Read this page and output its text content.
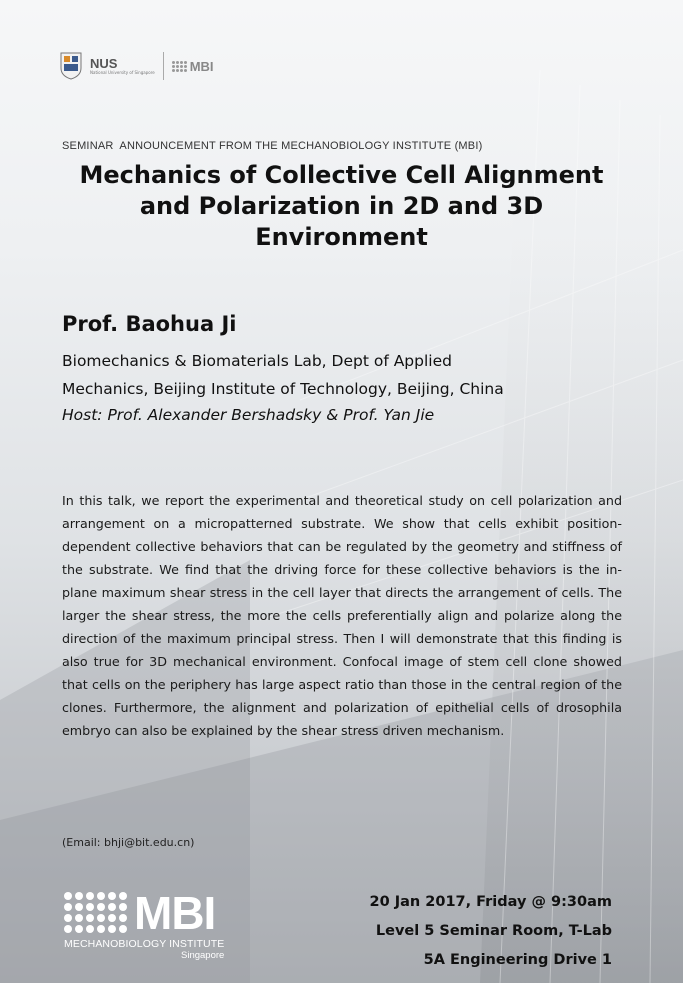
NUS
National University of Singapore	MBI
SEMINAR  ANNOUNCEMENT FROM THE MECHANOBIOLOGY INSTITUTE (MBI)
Mechanics of Collective Cell Alignment
and Polarization in 2D and 3D
Environment
Prof. Baohua Ji
Biomechanics & Biomaterials Lab, Dept of Applied
Mechanics, Beijing Institute of Technology, Beijing, China
Host: Prof. Alexander Bershadsky & Prof. Yan Jie
In this talk, we report the experimental and theoretical study on cell polarization and arrangement on a micropatterned substrate. We show that cells exhibit position-dependent collective behaviors that can be regulated by the geometry and stiffness of the substrate. We find that the driving force for these collective behaviors is the in-plane maximum shear stress in the cell layer that directs the arrangement of cells. The larger the shear stress, the more the cells preferentially align and polarize along the direction of the maximum principal stress. Then I will demonstrate that this finding is also true for 3D mechanical environment. Confocal image of stem cell clone showed that cells on the periphery has large aspect ratio than those in the central region of the clones. Furthermore, the alignment and polarization of epithelial cells of drosophila embryo can also be explained by the shear stress driven mechanism.
(Email: bhji@bit.edu.cn)
MBI
MECHANOBIOLOGY INSTITUTE
Singapore
20 Jan 2017, Friday @ 9:30am
Level 5 Seminar Room, T-Lab
5A Engineering Drive 1
